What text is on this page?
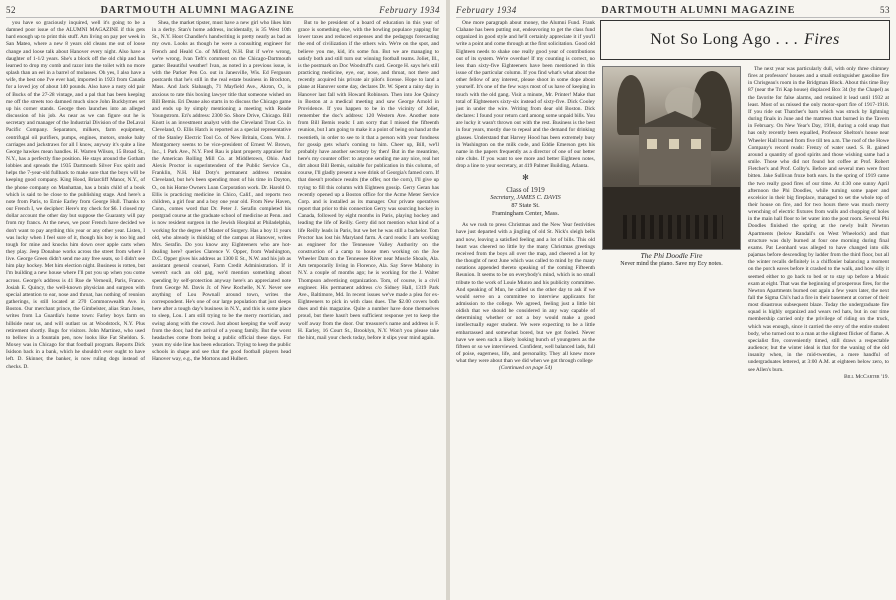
52	DARTMOUTH ALUMNI MAGAZINE	February 1934

you have so graciously inquired, well it's going to be a damned poor issue of the ALUMNI MAGAZINE if this gets hard enough up to print this stuff. Am living on pay per week in San Mateo, where a new 8 years old cleans me out of loose change and loose talk about Hanover every night. Also have a daughter of 1-1/2 years. She's a block off the old chip and has learned to drop my comb and razor into the toilet with no more splash than an eel in a barrel of molasses. Oh yes, I also have a wife, the best one I've ever had, imported in 1923 from Canada for a loved joy of about 140 pounds. Also have a rusty old pair of Bucks of the 27-28 vintage, and a pal that has been keeping me off the streets too damned much since John Buckbyrnes set up his corner stands. George then launches into an alleged discussion of his job. As near as we can figure out he is secretary and manager of the Industrial Division of the DeLaval Pacific Company. Separators, milkers, farm equipment, centrifugal oil purifiers, pumps, engines, motors, smoke baby carriages and jackstraws for all I know, anyway it's quite a line George hawkes mean handles. H. Warren Wilson, 15 Broad St., N.Y., has a perfectly fine position. He stays around the Gotham lobbies and spreads the 1935 Dartmouth Silver Fox spirit and helps the 7-year-old fullback to make sure that the boys will be keeping good company. King Hood, Briarcliff Manor, N.Y., of the phone company on Manhattan, has a brain child of a book which is said to be close to the publishing stage. And here's a note from Paris, to Ernie Earley from George Hull. Thanks to our French I, we decipher: Here's my check for $6. I closed my dollar account the other day but suppose the Guaranty will pay from my francs. At the news, we poor French have decided we don't want to pay anything this year or any other year. Listen, I was lucky when I feel sure of it, though his boy is too big and tough for mine and knocks him down over apple carts when they play. Jeep Donahue works across the street from where I live. George Green didn't send me any free seats, so I didn't see him play hockey. Met him election night. Business is rotten, but I'm building a new house where I'll put you up when you come across. George's address is 41 Rue de Verneuil, Paris, France. Josiah E. Quincy, the well-known physician and surgeon with special attention to ear, nose and throat, has nothing of reunion gatherings, is still located at 270 Commonwealth Ave. in Boston. Our merchant prince, the Gimbelster, alias Stan Jones, writes from La Guardia's home town: Farley boys farm on hillside near us, and will outlast us at Woodstock, N.Y. Plus retirement shortly. Bugs for visitors. John Martinez, who used to bellow in a fountain pen, now looks like Fat Sheldon. S. Moxey was in Chicago for that football program. Reports Dick Isidson back in a bank, which he shouldn't ever ought to have left. D. Skinner, the banker, is now ruling dogs instead of checks. D.

Shea, the market tipster, must have a new girl who likes him in a derby. Stan's home address, incidentally, is 35 West 10th St., N.Y. Hoot Chandler's handwriting is pretty nearly as bad as my own. Looks as though he were a consulting engineer for French and Heald Co. of Milford, N.H. But if we're wrong, we're wrong. Ivan Teft's comment on the Chicago-Dartmouth game: Beautiful weather! Ivan, as noted in a previous issue, is with the Parker Pen Co. out in Janesville, Wis. Ed Ferguson postcards that he's still in the real estate business in Brockton, Mass. And Jack Slabaugh, 71 Mayfield Ave., Akron, O., is anxious to rate this boxing lawyer title that someone wished on Bill Bemis. Eri Deane also starts in to discuss the Chicago game and ends up by simply mentioning a meeting with Reade Youngstrom. Eri's address: 2300 So. Shore Drive, Chicago. Bill Knott is an investment analyst with the Cleveland Trust Co. in Cleveland, O. Ellis Hatch is reported as a special representative of the Stanley Electric Tool Co. of New Britain, Conn. Wm. J. Montgomery seems to be vice-president of Ernest W. Brown, Inc., 1 Park Ave., N.Y. Fred Rau is plant property appraiser for the American Rolling Mill Co. at Middletown, Ohio. And Alexis Proctor is superintendent of the Public Service Co., Franklin, N.H. Hal Doty's permanent address remains Cleveland, but he's been spending most of his time in Dayton, O., on his Home Owners Loan Corporation work. Dr. Harold O. Ellis is practicing medicine in Chico, Calif., and reports two children, a girl four and a boy one year old. From New Haven, Conn., comes word that Dr. Peter J. Serafin completed his postgrad course at the graduate school of medicine at Penn. and is now resident surgeon in the Jewish Hospital at Philadelphia, working for the degree of Master of Surgery. Has a boy 11 years old, who already is thinking of the campus at Hanover, writes Mrs. Serafin. Do you know any Eighteeners who are hot-dealing here? queries Clarence V. Opper, from Washington, D.C. Opper gives his address as 1300 E St., N.W. and his job as assistant general counsel, Farm Credit Administration. If it weren't such an old gag, we'd mention something about spending by self-protection anyway here's an appreciated note from George M. Davis Jr. of New Rochelle, N.Y. Never see anything of Lou Pownall around town, writes the correspondent. He's one of our large population that just sleeps here after a tough day's business in N.Y., and this is some place to sleep, Lou. I am still trying to be the merry mortician, and swing along with the crowd. Just about keeping the wolf away from the door, had the arrival of a young family. But the worst headaches come from being a public official these days. For years my side line has been education. Trying to keep the public schools in shape and see that the good football players head Hanover way, e.g., the Mortons and Hulbert.

But to be president of a board of education in this year of grace is something else, with the howling populace yapping for lower taxes and reduced expenses and the pedagogs forecasting the end of civilization if the others win. We're on the spot, and believe you me, kid, it's some fun. But we are managing to satisfy both and still turn out winning football teams. Joliet, Ill., is the postmark on Doc Woodruff's card. George H. says he's still practicing medicine, eye, ear, nose, and throat, not there and recently acquired his private air pilot's license. Hope to land a plane at Hanover some day, declares Dr. W. Spent a rainy day in Hanover last fall with Howard Robinson. Then into Joe Quincy in Boston at a medical meeting and saw George Arnold in Providence. If you happen to be in the vicinity of Joliet, remember the doc's address: 120 Western Ave. Another note from Bill Bemis reads: I am sorry that I missed the fifteenth reunion, but I am going to make it a point of being on hand at the twentieth, in order to see to it that a person with your fondness for gossip gets what's coming to him. Cheer up, Bill, we'll probably have another secretary by then! But in the meantime, here's my counter offer: to anyone sending me any nice, real hot dirt about Bill Bemis, suitable for publication in this column, of course, I'll gladly present a wee drink of Georgia's famed corn. If that doesn't produce results (the offer, not the corn), I'll give up trying to fill this column with Eighteen gossip. Gerry Geran has recently opened up a Boston office for the Acme Meter Service Corp. and is installed as its manager. Our private operatives report that prior to this connection Gerry was sourcing hockey in Canada, followed by eight months in Paris, playing hockey and leading the life of Reilly. Gerry did not mention what kind of a life Reilly leads in Paris, but we bet he was still a bachelor. Tom Proctor has lost his Maryland farm. A card reads: I am working as engineer for the Tennessee Valley Authority on the construction of a camp to house men working on the Joe Wheeler Dam on the Tennessee River near Muscle Shoals, Ala. Am temporarily living in Florence, Ala. Say Steve Mahony in N.Y. a couple of months ago; he is working for the J. Walter Thompson advertising organization. Tom, of course, is a civil engineer. His permanent address c/o Sidney Hall, 1319 Park Ave., Baltimore, Md. In recent issues we've made a plea for ex-Eighteeners to pick in with class dues. The $2.00 covers both dues and this magazine. Quite a number have done themselves proud, but there hasn't been sufficient response yet to keep the wolf away from the door. Our treasurer's name and address is F. H. Earley, 16 Court St., Brooklyn, N.Y. Won't you please take the hint, mail your check today, before it slips your mind again.

February 1934	DARTMOUTH ALUMNI MAGAZINE	53

One more paragraph about money, the Alumni Fund. Frank Clahane has been putting out, endeavoring to get the class fund organized in good style and he'll certainly appreciate it if you'll write a point and come through at the first solicitation. Good old Eighteen needs to shake one really good year of contributions out of its system. We're overdue! If my counting is correct, no less than sixty-five Eighteeners have been mentioned in this issue of the particular column. If you find what's what about the other fellow of any interest, please shoot in some dope about yourself. It's one of the few ways most of us have of keeping in touch with the old gang. Visit a minute, Mr. Printer! Make that total of Eighteeners sixty-six instead of sixty-five. Dick Cooley just in under the wire. Writing from dear old Boston. Dick declares: I found your return card among some unpaid bills. You are lucky it wasn't thrown out with the rest. Business is the best in four years, mostly due to repeal and the demand for drinking glasses. Understand that Harvey Hood has been extremely busy in Washington on the milk code, and Eddie Emerson gets his name in the papers frequently as a director of one of our better nite clubs. If you want to see more and better Eighteen notes, drop a line to your secretary, at 419 Palmer Building, Atlanta.

✻
Class of 1919
Secretary, JAMES C. DAVIS
87 State St.
Framingham Center, Mass.

As we rush to press Christmas and the New Year festivities have just departed with a jingling of old St. Nick's sleigh bells and now, leaving a satisfied feeling and a lot of bills. This old heart was cheered no little by the many Christmas greetings received from the boys all over the map, and cheered a lot by the thought of next June which was called to mind by the many notations appended thereto speaking of the coming Fifteenth Reunion. It seems to be on everybody's mind, which is no small tribute to the work of Louie Munro and his publicity committee. And speaking of Mun, he called us the other day to ask if we would serve on a committee to interview applicants for admission to the college. We agreed, feeling just a little bit oldish that we should be considered in any way capable of determining whether or not a boy would make a good intellectually eager student. We were expecting to be a little embarrassed and somewhat bored, but we got fooled. Never have we seen such a likely looking bunch of youngsters as the fifteen or so we interviewed. Confident, well balanced lads, full of poise, eagerness, life, and personality. They all knew more what they were about than we did when we got through college

(Continued on page 54)
Not So Long Ago . . . Fires
The Phi Doodle Fire
Never mind the piano. Save my Ecy notes.

The next year was particularly dull, with only three chimney fires at professors' houses and a small extinguisher gasoline fire in Chrisgeau's room in the Bridgman Block. About this time Boy 87 (near the Tri Kap house) displaced Box 34 (by the Chapel) as the favorite for false alarms, and retained it lead until 1932 at least. Most of us missed the only motor-sport fire of 1917-1918. If you ride out Thatcher's barn which was struck by lightning during finals in June and the mattress that burned in the Tavern in February. On New Year's Day, 1918, during a cold snap that has only recently been equalled, Professor Shelton's house near Wheeler Hall burned from five till ten a.m. The roof of the Howe Company's record reads: Frenzy of water used. S. R. gained around a quantity of good spirits and those wishing same had a smile. Those who did not found hot coffee at Prof. Robert Fletcher's and Prof. Colby's. Before and several men were frost bitten. Jake Sullivan froze both ears. In the spring of 1919 came the two really good fires of our time. At 4:30 one sunny April afternoon the Phi Doodles, while turning some paper and excelsior in their big fireplace, managed to set the whole top of their house on fire, and for two hours there was much merry wrenching of electric fixtures from walls and chopping of holes in the main hall floor to let water into the post room. Several Phi Doodles finished the spring at the newly built Newton Apartments (below Randall's on West Wheelock) and that structure was duly burned at four one morning during final exams. Pat Leonhard was alleged to have changed into silk pajamas before descending by ladder from the third floor, but all the winter recalls definitely is a chiffonier balancing a moment on the porch eaves before it crashed to the walk, and how silly it seemed either to go back to bed or to stay up before a Music exam at eight. That was the beginning of prosperous fires, for the Newton Apartments burned out again a few years later, the next fall the Sigma Chi's had a fire in their basement at corner of their most disastrous subsequent blaze. Today the undergraduate fire squad is highly organized and wears red hats, but in our time membership carried only the privilege of riding on the truck, which was enough, since it carried the envy of the entire student body, who turned out to a man at the slightest flicker of flame. A specialist fire, conveniently timed, still draws a respectable audience; but the winter ideal is that for the waning of the old insanity when, in the mid-twenties, a mere handful of undergraduates lettered, at 3:00 A.M. at eighteen below zero, to see Allen's burn.

Bill McCarter '19.
